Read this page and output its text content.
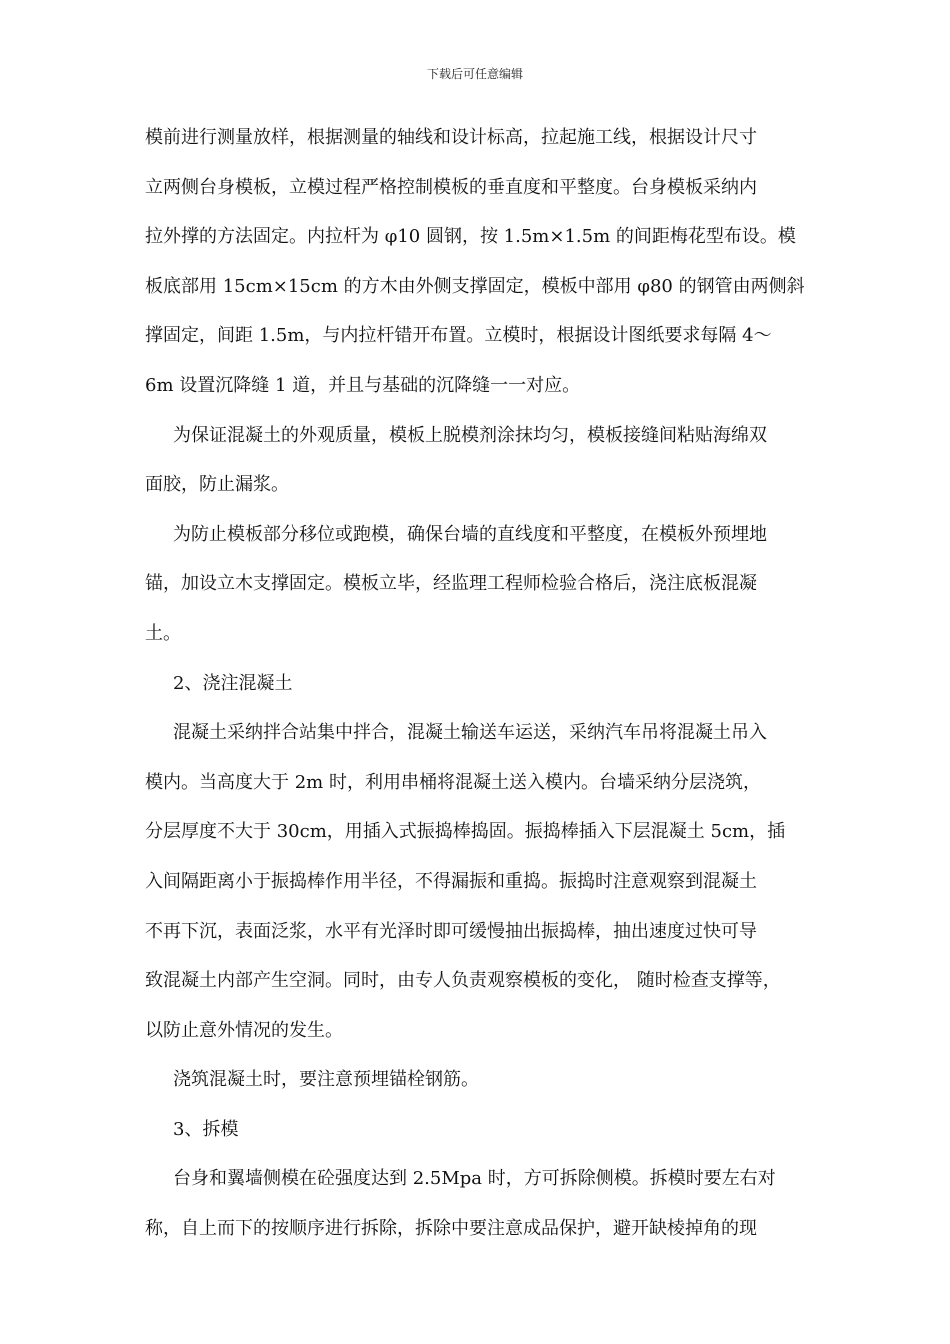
下载后可任意编辑
模前进行测量放样，根据测量的轴线和设计标高，拉起施工线，根据设计尺寸
立两侧台身模板，立模过程严格控制模板的垂直度和平整度。台身模板采纳内
拉外撑的方法固定。内拉杆为 φ10 圆钢，按 1.5m×1.5m 的间距梅花型布设。模
板底部用 15cm×15cm 的方木由外侧支撑固定，模板中部用 φ80 的钢管由两侧斜
撑固定，间距 1.5m，与内拉杆错开布置。立模时，根据设计图纸要求每隔 4～
6m 设置沉降缝 1 道，并且与基础的沉降缝一一对应。
为保证混凝土的外观质量，模板上脱模剂涂抹均匀，模板接缝间粘贴海绵双
面胶，防止漏浆。
为防止模板部分移位或跑模，确保台墙的直线度和平整度，在模板外预埋地
锚，加设立木支撑固定。模板立毕，经监理工程师检验合格后，浇注底板混凝
土。
2、浇注混凝土
混凝土采纳拌合站集中拌合，混凝土输送车运送，采纳汽车吊将混凝土吊入
模内。当高度大于 2m 时，利用串桶将混凝土送入模内。台墙采纳分层浇筑，
分层厚度不大于 30cm，用插入式振捣棒捣固。振捣棒插入下层混凝土 5cm，插
入间隔距离小于振捣棒作用半径，不得漏振和重捣。振捣时注意观察到混凝土
不再下沉，表面泛浆，水平有光泽时即可缓慢抽出振捣棒，抽出速度过快可导
致混凝土内部产生空洞。同时，由专人负责观察模板的变化， 随时检查支撑等，
以防止意外情况的发生。
浇筑混凝土时，要注意预埋锚栓钢筋。
3、拆模
台身和翼墙侧模在砼强度达到 2.5Mpa 时，方可拆除侧模。拆模时要左右对
称，自上而下的按顺序进行拆除，拆除中要注意成品保护，避开缺棱掉角的现
